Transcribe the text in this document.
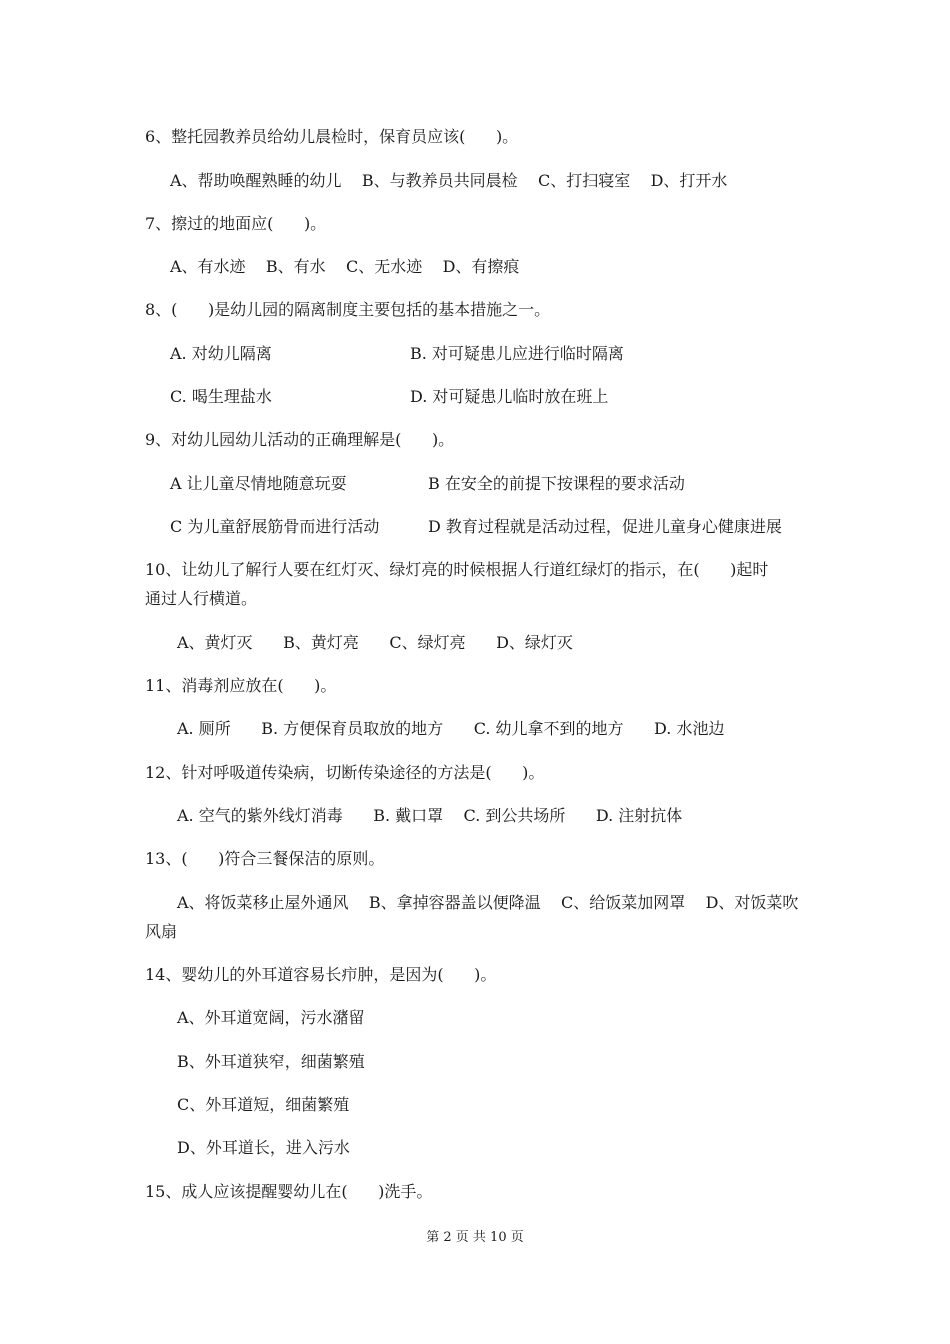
6、整托园教养员给幼儿晨检时，保育员应该(      )。
A、帮助唤醒熟睡的幼儿    B、与教养员共同晨检    C、打扫寝室    D、打开水
7、擦过的地面应(      )。
A、有水迹    B、有水    C、无水迹    D、有擦痕
8、(      )是幼儿园的隔离制度主要包括的基本措施之一。
A. 对幼儿隔离	B. 对可疑患儿应进行临时隔离
C. 喝生理盐水	D. 对可疑患儿临时放在班上
9、对幼儿园幼儿活动的正确理解是(      )。
A 让儿童尽情地随意玩耍	B 在安全的前提下按课程的要求活动
C 为儿童舒展筋骨而进行活动	D 教育过程就是活动过程，促进儿童身心健康进展
10、让幼儿了解行人要在红灯灭、绿灯亮的时候根据人行道红绿灯的指示，在(      )起时
通过人行横道。
A、黄灯灭      B、黄灯亮      C、绿灯亮      D、绿灯灭
11、消毒剂应放在(      )。
A. 厕所      B. 方便保育员取放的地方      C. 幼儿拿不到的地方      D. 水池边
12、针对呼吸道传染病，切断传染途径的方法是(      )。
A. 空气的紫外线灯消毒      B. 戴口罩    C. 到公共场所      D. 注射抗体
13、(      )符合三餐保洁的原则。
A、将饭菜移止屋外通风    B、拿掉容器盖以便降温    C、给饭菜加网罩    D、对饭菜吹
风扇
14、婴幼儿的外耳道容易长疖肿，是因为(      )。
A、外耳道宽阔，污水潴留
B、外耳道狭窄，细菌繁殖
C、外耳道短，细菌繁殖
D、外耳道长，进入污水
15、成人应该提醒婴幼儿在(      )洗手。
第 2 页 共 10 页
